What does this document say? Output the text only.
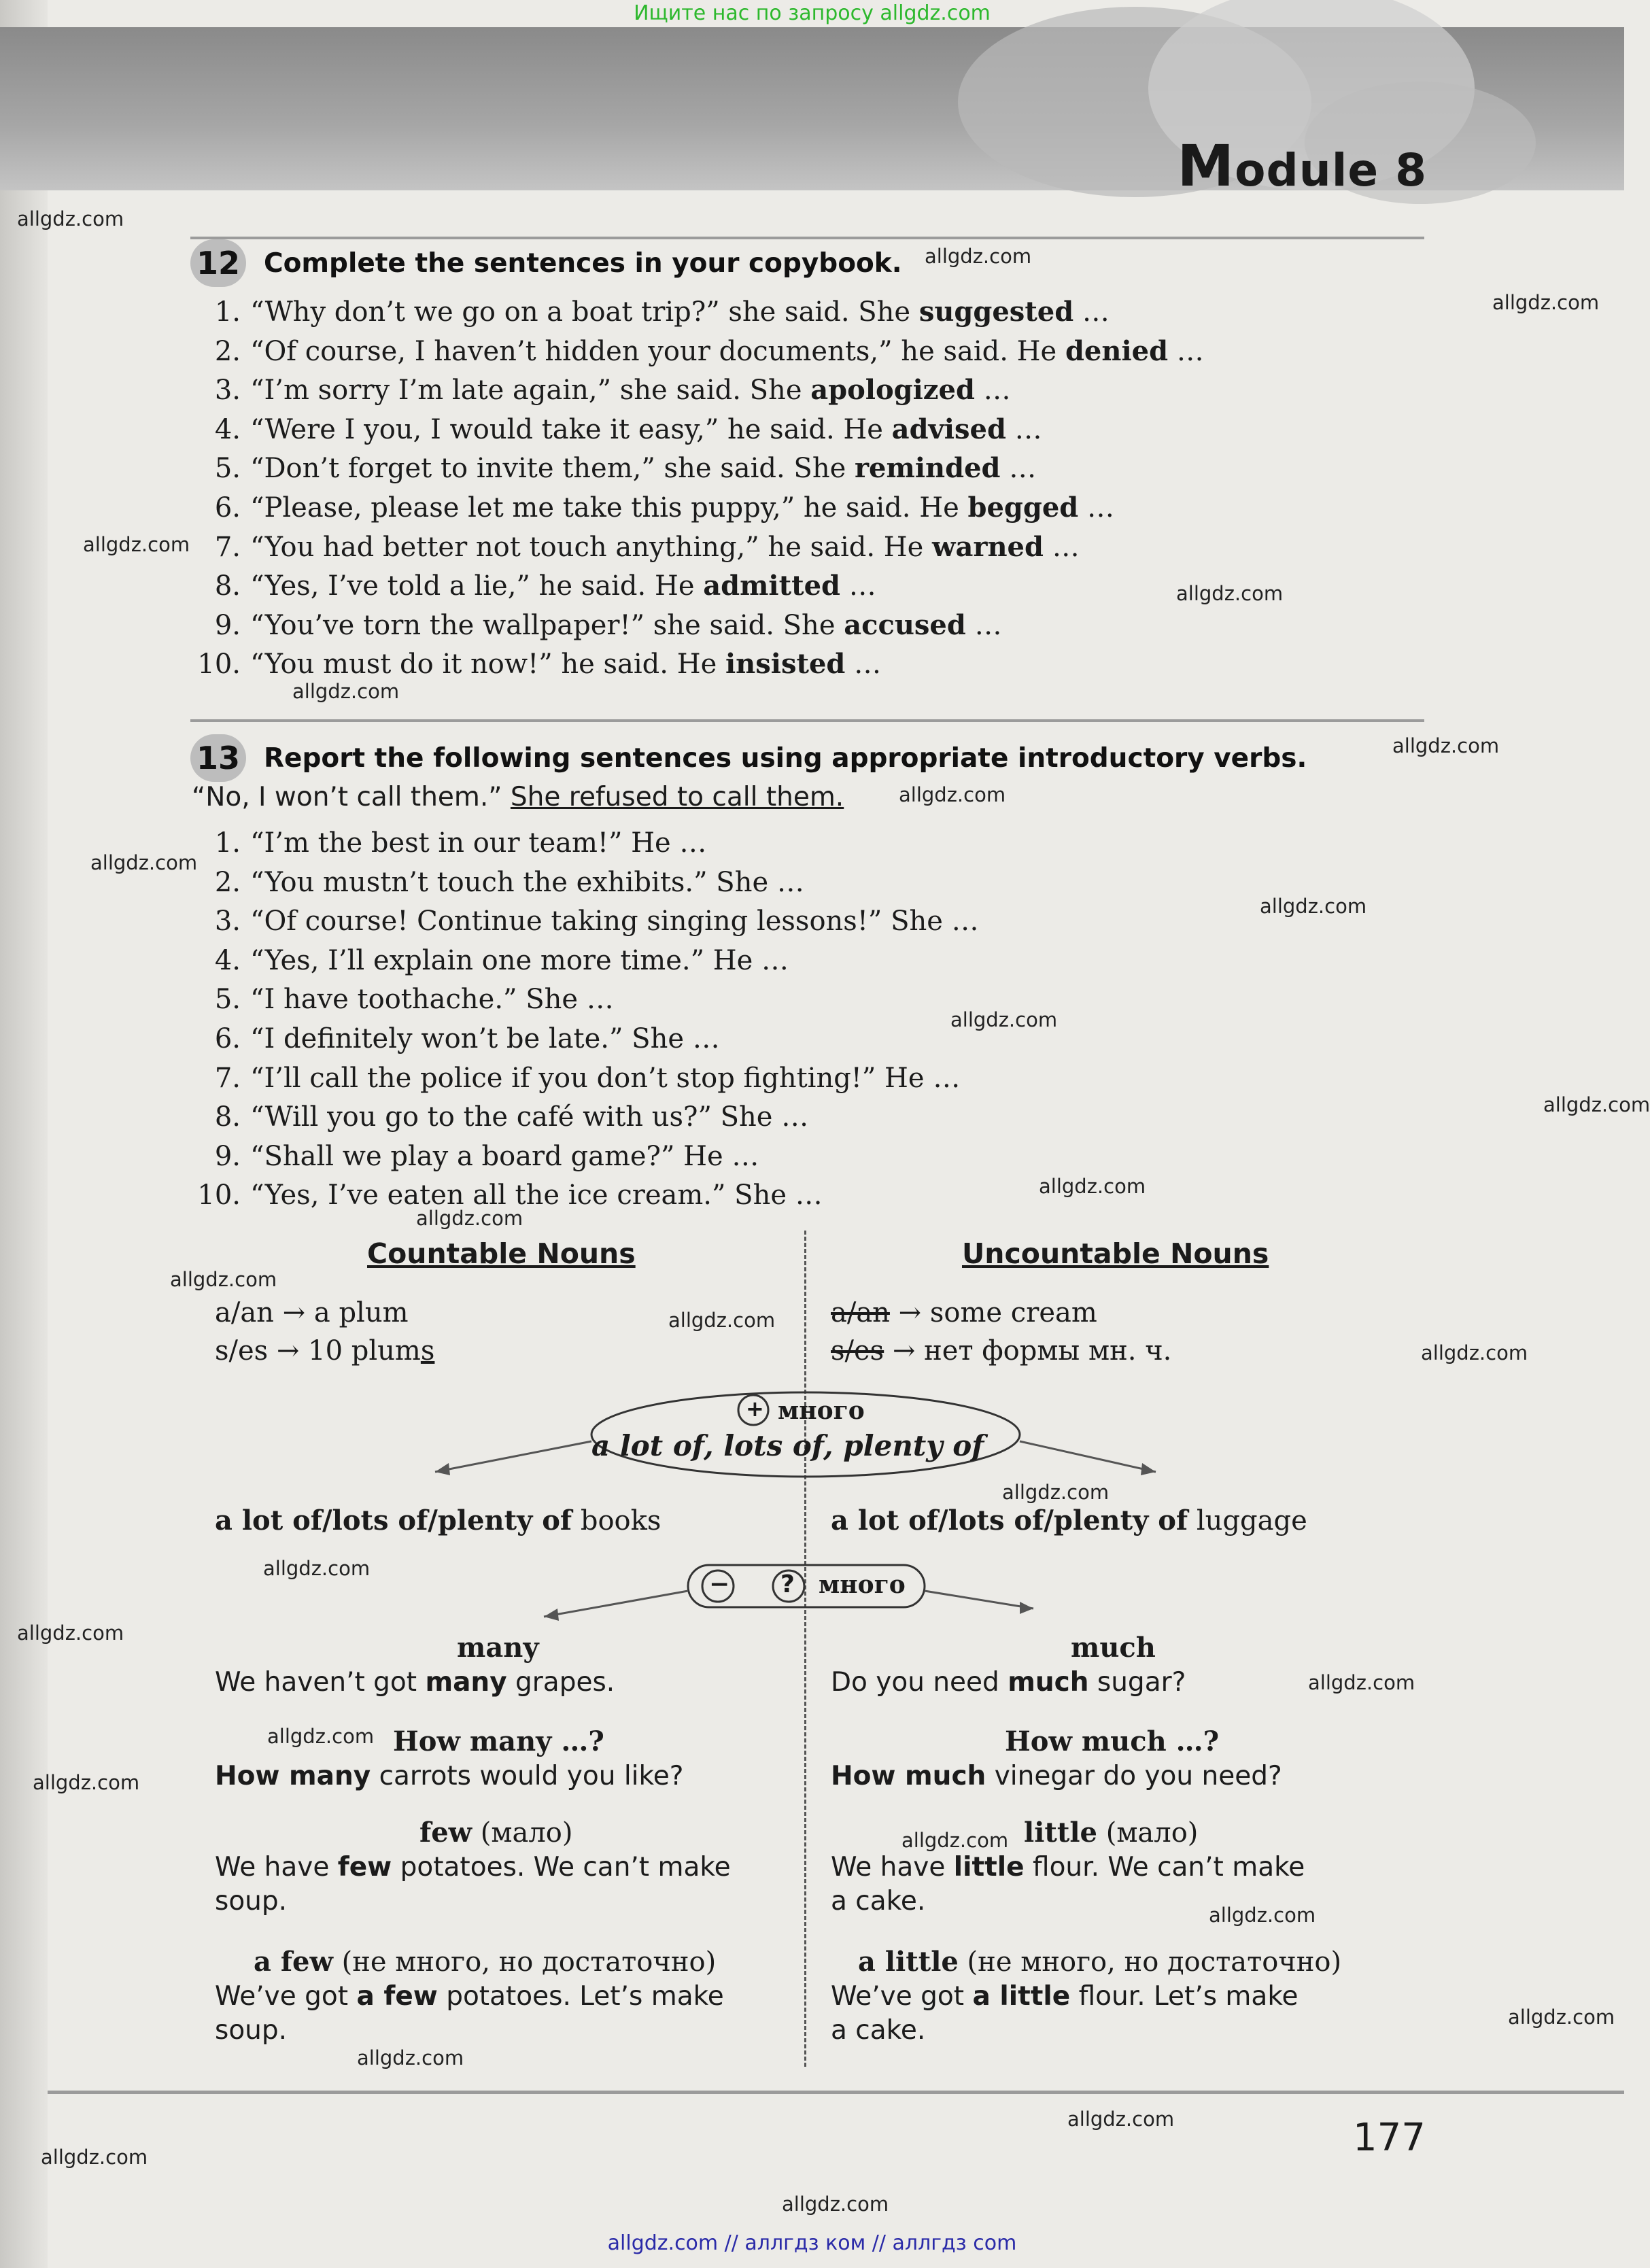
Module 8
Ищите нас по запросу allgdz.com
12 Complete the sentences in your copybook.
1. “Why don’t we go on a boat trip?” she said. She suggested …
2. “Of course, I haven’t hidden your documents,” he said. He denied …
3. “I’m sorry I’m late again,” she said. She apologized …
4. “Were I you, I would take it easy,” he said. He advised …
5. “Don’t forget to invite them,” she said. She reminded …
6. “Please, please let me take this puppy,” he said. He begged …
7. “You had better not touch anything,” he said. He warned …
8. “Yes, I’ve told a lie,” he said. He admitted …
9. “You’ve torn the wallpaper!” she said. She accused …
10. “You must do it now!” he said. He insisted …
13 Report the following sentences using appropriate introductory verbs.
“No, I won’t call them.” She refused to call them.
1. “I’m the best in our team!” He …
2. “You mustn’t touch the exhibits.” She …
3. “Of course! Continue taking singing lessons!” She …
4. “Yes, I’ll explain one more time.” He …
5. “I have toothache.” She …
6. “I definitely won’t be late.” She …
7. “I’ll call the police if you don’t stop fighting!” He …
8. “Will you go to the café with us?” She …
9. “Shall we play a board game?” He …
10. “Yes, I’ve eaten all the ice cream.” She …
Countable Nouns	Uncountable Nouns
a/an → a plum
s/es → 10 plums
a/an → some cream
s/es → нет формы мн. ч.
+ много
a lot of, lots of, plenty of
a lot of/lots of/plenty of books	a lot of/lots of/plenty of luggage
− ? много
many
We haven’t got many grapes.
much
Do you need much sugar?
How many …?
How many carrots would you like?
How much …?
How much vinegar do you need?
few (мало)
We have few potatoes. We can’t make
soup.
little (мало)
We have little flour. We can’t make
a cake.
a few (не много, но достаточно)
We’ve got a few potatoes. Let’s make
soup.
a little (не много, но достаточно)
We’ve got a little flour. Let’s make
a cake.
177
allgdz.com
allgdz.com
allgdz.com
allgdz.com
allgdz.com
allgdz.com
allgdz.com
allgdz.com
allgdz.com
allgdz.com
allgdz.com
allgdz.com
allgdz.com
allgdz.com
allgdz.com
allgdz.com
allgdz.com
allgdz.com
allgdz.com
allgdz.com
allgdz.com
allgdz.com
allgdz.com
allgdz.com
allgdz.com
allgdz.com
allgdz.com
allgdz.com
allgdz.com
allgdz.com
allgdz.com // аллгдз ком // аллгдз com
